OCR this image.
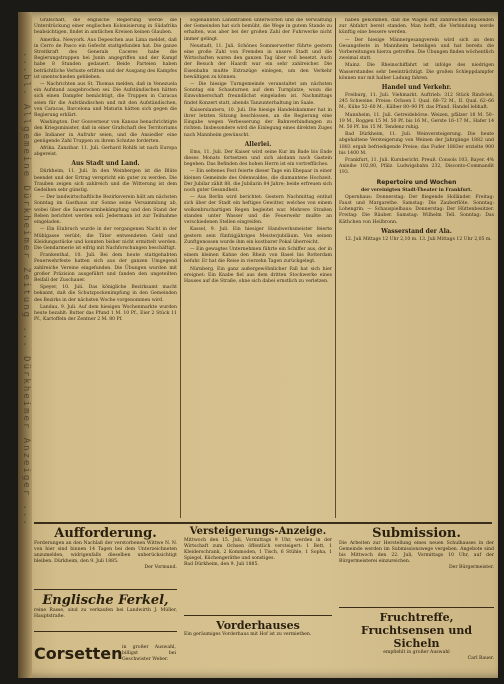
...bl. Allgemeine Dürkheimer Zeitung ... Dürkheimer Anzeiger ...

Grafschaft, die englische Regierung werde die Unterdrückung einer englischen Kolonisierung in Südafrika beabsichtigen, findet in amtlichen Kreisen keinen Glauben.

Amerika. Newyork. Aus Depeschen aus Lima meldet, daß in Cerro de Pasco ein Gefecht stattgefunden hat. Die ganze Streitkraft des Generals Caceres habe die Regierungstruppen bei Junin angegriffen und der Kampf habe 8 Stunden gedauert. Beide Parteien haben beträchtliche Verluste erlitten und der Ausgang des Kampfes ist unentschieden geblieben.

— Nachrichten aus St. Thomas melden, daß in Venezuela ein Aufstand ausgebrochen sei. Die Aufständischen hätten sich einen Dampfer bemächtigt, die Truppen in Caracas seien für die Aufständischen und mit den Aufständischen, von Caracas, Barcelona und Maturin hätten sich gegen die Regierung erklärt.

Washington. Der Gouverneur von Kansas benachrichtigte den Kriegsminister, daß in einer Grafschaft des Territoriums die Indianer in Aufruhr seien, und die Ansiedler eine genügende Zahl Truppen zu ihrem Schutze forderten.

Afrika. Zanzibar. 11. Juli. Gerhard Rohlfs ist nach Europa abgereist.

Aus Stadt und Land.

Dürkheim, 11. Juli. In den Weinbergen ist die Blüte beendet und der Ertrag verspricht ein guter zu werden. Die Trauben zeigen sich zahlreich und die Witterung ist dem Gedeihen sehr günstig.

— Der landwirtschaftliche Bezirksverein hält am nächsten Sonntag im Gasthaus zur Sonne seine Versammlung ab, wobei über die Sauerwurmbekämpfung und den Stand der Reben berichtet werden soll. Jedermann ist zur Teilnahme eingeladen.

— Ein Einbruch wurde in der vergangenen Nacht in der Mühlgasse verübt; die Täter entwendeten Geld und Kleidungsstücke und konnten bisher nicht ermittelt werden. Die Gendarmerie ist eifrig mit Nachforschungen beschäftigt.

Frankenthal, 10. Juli. Bei dem heute stattgehabten Feuerwehrfeste hatten sich aus der ganzen Umgegend zahlreiche Vereine eingefunden. Die Übungen wurden mit großer Präzision ausgeführt und fanden den ungeteilten Beifall der Zuschauer.

Speyer, 10. Juli. Das königliche Bezirksamt macht bekannt, daß die Schutzpockenimpfung in den Gemeinden des Bezirks in der nächsten Woche vorgenommen wird.

Landau, 9. Juli. Auf dem hiesigen Wochenmarkte wurden heute bezahlt: Butter das Pfund 1 M. 10 Pf., Eier 2 Stück 11 Pf., Kartoffeln der Zentner 2 M. 80 Pf.

sogenannten Landstraßen unterworfen und die Verwaltung der Gemeinden hat sich bemüht, die Wege in gutem Stande zu erhalten, was aber bei der großen Zahl der Fuhrwerke nicht immer gelingt.

Neustadt, 11. Juli. Schönes Sommerwetter führte gestern eine große Zahl von Fremden in unsere Stadt und die Wirtschaften waren den ganzen Tag über voll besetzt. Auch der Besuch der Haardt war ein sehr zahlreicher. Die Eisenbahn mußte Extrazüge einlegen, um den Verkehr bewältigen zu können.

— Die hiesige Turngemeinde veranstaltet am nächsten Sonntag ein Schauturnen auf dem Turnplatze, wozu die Einwohnerschaft freundlichst eingeladen ist. Nachmittags findet Konzert statt, abends Tanzunterhaltung im Saale.

Kaiserslautern, 10. Juli. Die hiesige Handelskammer hat in ihrer letzten Sitzung beschlossen, an die Regierung eine Eingabe wegen Verbesserung der Bahnverbindungen zu richten. Insbesondere wird die Einlegung eines direkten Zuges nach Mannheim gewünscht.

Allerlei.

Ems, 11. Juli. Der Kaiser wird seine Kur im Bade bis Ende dieses Monats fortsetzen und sich alsdann nach Gastein begeben. Das Befinden des hohen Herrn ist ein vortreffliches.

— Ein seltenes Fest feierte dieser Tage ein Ehepaar in einer kleinen Gemeinde des Odenwaldes, die diamantene Hochzeit. Der Jubilar zählt 88, die Jubilarin 84 Jahre; beide erfreuen sich noch guter Gesundheit.

— Aus Berlin wird berichtet: Gestern Nachmittag entlud sich über der Stadt ein heftiges Gewitter, welches von einem wolkenbruchartigen Regen begleitet war. Mehrere Straßen standen unter Wasser und die Feuerwehr mußte an verschiedenen Stellen eingreifen.

Kassel, 9. Juli. Ein hiesiger Handwerksmeister feierte gestern sein fünfzigjähriges Meisterjubiläum. Von seinen Zunftgenossen wurde ihm ein kostbarer Pokal überreicht.

— Ein gewagtes Unternehmen führte ein Schiffer aus, der in einem kleinen Kahne den Rhein von Basel bis Rotterdam befuhr. Er hat die Reise in vierzehn Tagen zurückgelegt.

Nürnberg. Ein ganz außergewöhnlicher Fall hat sich hier ereignet: Ein Knabe fiel aus dem dritten Stockwerke eines Hauses auf die Straße, ohne sich dabei ernstlich zu verletzen.

haben gekommen, daß die Wagen mit zahlreichen Reisenden zur Abfahrt bereit standen. Man hofft, die Verbindung werde künftig eine bessere werden.

— Der hiesige Männergesangverein wird sich an dem Gesangsfeste in Mannheim beteiligen und hat bereits die Vorbereitungen hierzu getroffen. Die Übungen finden wöchentlich zweimal statt.

Mainz. Die Rheinschiffahrt ist infolge des niedrigen Wasserstandes sehr beeinträchtigt. Die großen Schleppdampfer können nur mit halber Ladung fahren.

Handel und Verkehr.

Freiburg, 11. Juli. Viehmarkt. Auftrieb: 312 Stück Rindvieh, 245 Schweine. Preise: Ochsen I. Qual. 68–72 M., II. Qual. 62–66 M.; Kühe 52–60 M.; Kälber 80–90 Pf. das Pfund. Handel lebhaft.

Mannheim, 11. Juli. Getreidebörse. Weizen, pfälzer 18 M. 50–19 M., Roggen 15 M. 50 Pf. bis 16 M., Gerste 16–17 M., Hafer 14 M. 50 Pf. bis 15 M. Tendenz ruhig.

Bad Dürkheim, 11. Juli. Weinversteigerung. Die heute abgehaltene Versteigerung von Weinen der Jahrgänge 1882 und 1883 ergab befriedigende Preise; das Fuder 1883er erzielte 900 bis 1400 M.

Frankfurt, 11. Juli. Kursbericht. Preuß. Consols 103, Bayer. 4% Anleihe 102,80, Pfälz. Ludwigsbahn 232, Disconto-Commandit 193.

Repertoire und Wochen
der vereinigten Stadt-Theater in Frankfurt.

Opernhaus: Donnerstag: Der fliegende Holländer. Freitag: Faust und Margarethe. Samstag: Die Zauberflöte. Sonntag: Lohengrin. — Schauspielhaus: Donnerstag: Der Hüttenbesitzer. Freitag: Die Räuber. Samstag: Wilhelm Tell. Sonntag: Das Käthchen von Heilbronn.

Wasserstand der Ala.

12. Juli Mittags 12 Uhr 2,10 m. 13. Juli Mittags 12 Uhr 2,05 m.

Aufforderung.
Forderungen an den Nachlaß der verstorbenen Wittwe N. N. von hier sind binnen 14 Tagen bei dem Unterzeichneten anzumelden, widrigenfalls dieselben unberücksichtigt bleiben. Dürkheim, den 9. Juli 1885.
Der Vormund.
Englische Ferkel,
reine Rasse, sind zu verkaufen bei Landwirth J. Müller, Hauptstraße.
Corsetten in großer Auswahl, billigst bei Geschwister Weber.
Versteigerungs-Anzeige.
Mittwoch den 15. Juli, Vormittags 9 Uhr, werden in der Wirtschaft zum Ochsen öffentlich versteigert: 1 Bett, 1 Kleiderschrank, 2 Kommoden, 1 Tisch, 6 Stühle, 1 Sopha, 1 Spiegel, Küchengeräthe und sonstiges.
Bad Dürkheim, den 9. Juli 1885.
Vorderhauses
Ein geräumiges Vorderhaus mit Hof ist zu vermiethen.
Submission.
Die Arbeiten zur Herstellung eines neuen Schulhauses in der Gemeinde werden im Submissionswege vergeben. Angebote sind bis Mittwoch den 22. Juli, Vormittags 10 Uhr, auf der Bürgermeisterei einzureichen.
Der Bürgermeister.
Fruchtreffe, Fruchtsensen und Sicheln
empfiehlt in großer Auswahl
Carl Bauer.
